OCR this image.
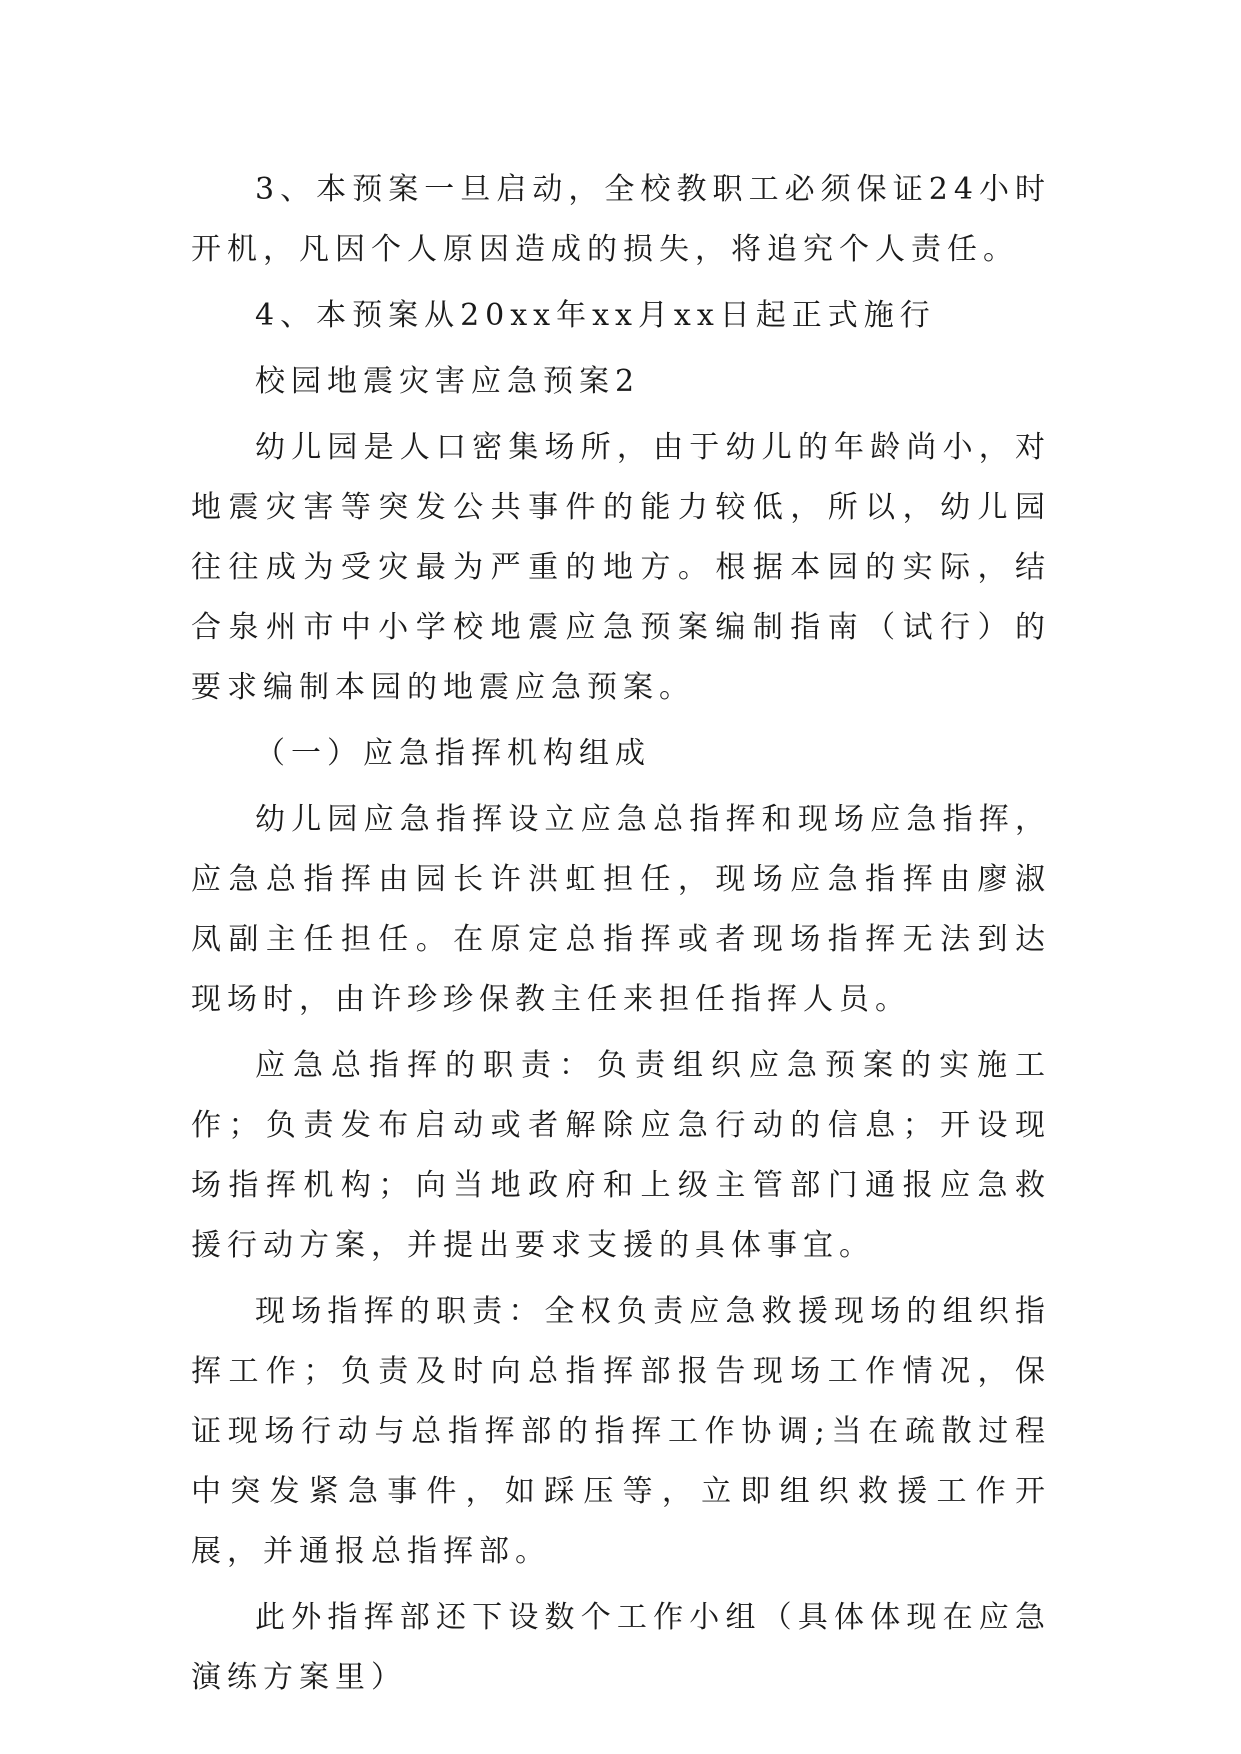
3、本预案一旦启动，全校教职工必须保证24小时开机，凡因个人原因造成的损失，将追究个人责任。

4、本预案从20xx年xx月xx日起正式施行

校园地震灾害应急预案2

幼儿园是人口密集场所，由于幼儿的年龄尚小，对地震灾害等突发公共事件的能力较低，所以，幼儿园往往成为受灾最为严重的地方。根据本园的实际，结合泉州市中小学校地震应急预案编制指南（试行）的要求编制本园的地震应急预案。

（一）应急指挥机构组成

幼儿园应急指挥设立应急总指挥和现场应急指挥，应急总指挥由园长许洪虹担任，现场应急指挥由廖淑凤副主任担任。在原定总指挥或者现场指挥无法到达现场时，由许珍珍保教主任来担任指挥人员。

应急总指挥的职责：负责组织应急预案的实施工作；负责发布启动或者解除应急行动的信息；开设现场指挥机构；向当地政府和上级主管部门通报应急救援行动方案，并提出要求支援的具体事宜。

现场指挥的职责：全权负责应急救援现场的组织指挥工作；负责及时向总指挥部报告现场工作情况，保证现场行动与总指挥部的指挥工作协调;当在疏散过程中突发紧急事件，如踩压等，立即组织救援工作开展，并通报总指挥部。

此外指挥部还下设数个工作小组（具体体现在应急演练方案里）
